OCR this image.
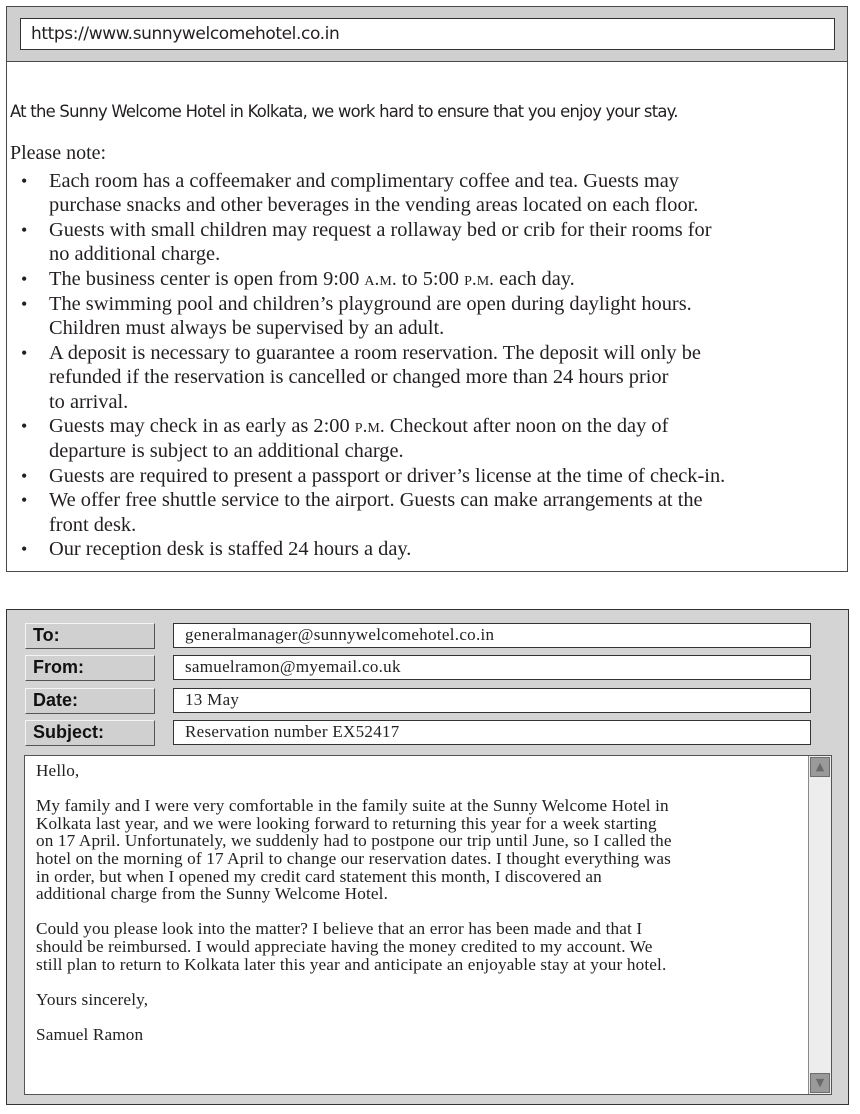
https://www.sunnywelcomehotel.co.in
At the Sunny Welcome Hotel in Kolkata, we work hard to ensure that you enjoy your stay.
Please note:
• Each room has a coffeemaker and complimentary coffee and tea. Guests may
purchase snacks and other beverages in the vending areas located on each floor.
• Guests with small children may request a rollaway bed or crib for their rooms for
no additional charge.
• The business center is open from 9:00 a.m. to 5:00 p.m. each day.
• The swimming pool and children’s playground are open during daylight hours.
Children must always be supervised by an adult.
• A deposit is necessary to guarantee a room reservation. The deposit will only be
refunded if the reservation is cancelled or changed more than 24 hours prior
to arrival.
• Guests may check in as early as 2:00 p.m. Checkout after noon on the day of
departure is subject to an additional charge.
• Guests are required to present a passport or driver’s license at the time of check-in.
• We offer free shuttle service to the airport. Guests can make arrangements at the
front desk.
• Our reception desk is staffed 24 hours a day.
To:	generalmanager@sunnywelcomehotel.co.in
From:	samuelramon@myemail.co.uk
Date:	13 May
Subject:	Reservation number EX52417

Hello,

My family and I were very comfortable in the family suite at the Sunny Welcome Hotel in
Kolkata last year, and we were looking forward to returning this year for a week starting
on 17 April. Unfortunately, we suddenly had to postpone our trip until June, so I called the
hotel on the morning of 17 April to change our reservation dates. I thought everything was
in order, but when I opened my credit card statement this month, I discovered an
additional charge from the Sunny Welcome Hotel.

Could you please look into the matter? I believe that an error has been made and that I
should be reimbursed. I would appreciate having the money credited to my account. We
still plan to return to Kolkata later this year and anticipate an enjoyable stay at your hotel.

Yours sincerely,

Samuel Ramon

▲
▼
